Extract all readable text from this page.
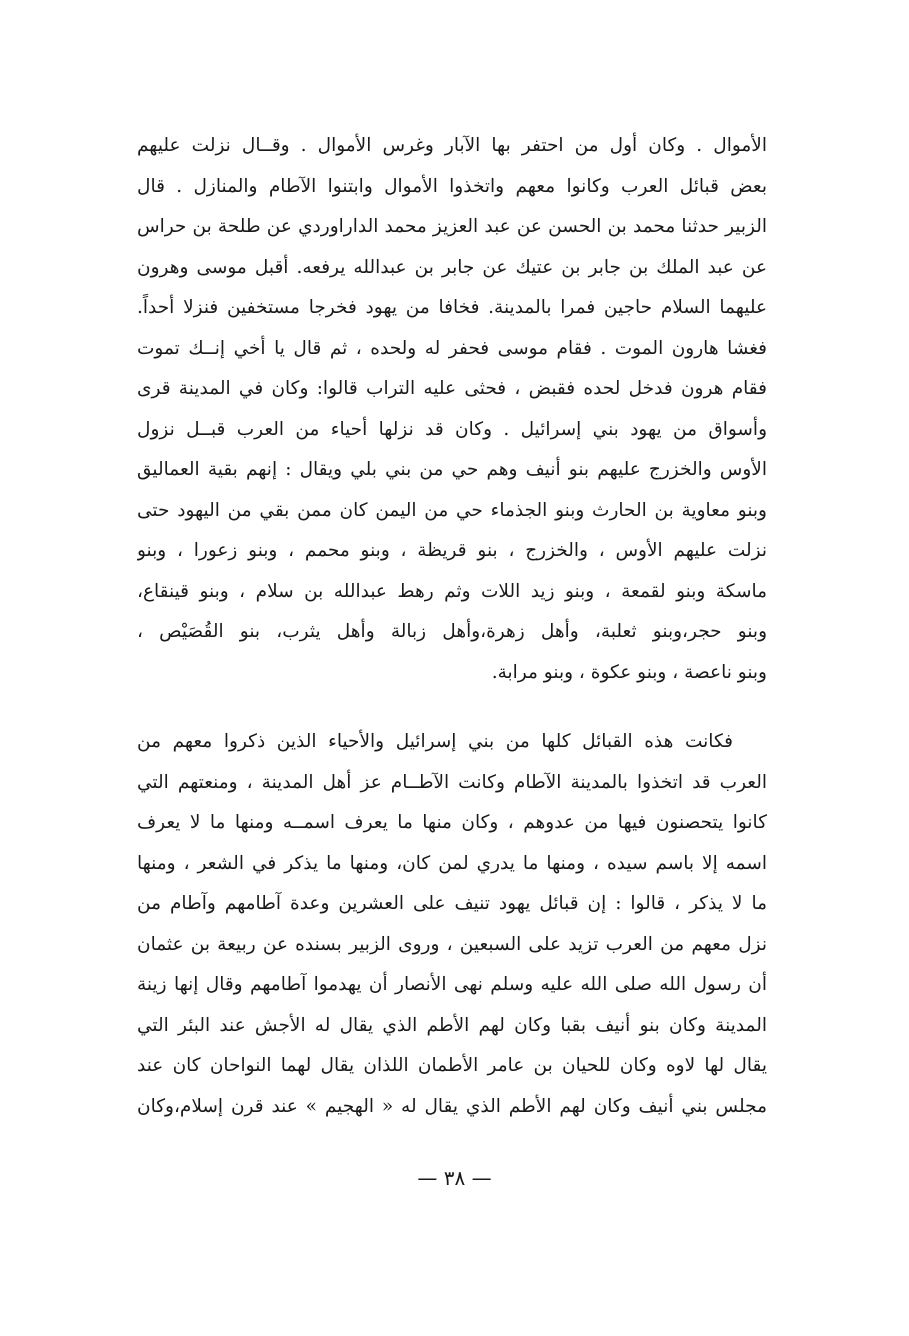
الأموال . وكان أول من احتفر بها الآبار وغرس الأموال . وقــال نزلت عليهم
بعض قبائل العرب وكانوا معهم واتخذوا الأموال وابتنوا الآطام والمنازل . قال
الزبير حدثنا محمد بن الحسن عن عبد العزيز محمد الداراوردي عن طلحة بن حراس
عن عبد الملك بن جابر بن عتيك عن جابر بن عبدالله يرفعه. أقبل موسى وهرون
عليهما السلام حاجين فمرا بالمدينة. فخافا من يهود فخرجا مستخفين فنزلا أحداً.
فغشا هارون الموت . فقام موسى فحفر له ولحده ، ثم قال يا أخي إنــك تموت
فقام هرون فدخل لحده فقبض ، فحثى عليه التراب قالوا: وكان في المدينة قرى
وأسواق من يهود بني إسرائيل . وكان قد نزلها أحياء من العرب قبــل نزول
الأوس والخزرج عليهم بنو أنيف وهم حي من بني بلي ويقال : إنهم بقية العماليق
وبنو معاوية بن الحارث وبنو الجذماء حي من اليمن كان ممن بقي من اليهود حتى
نزلت عليهم الأوس ، والخزرج ، بنو قريظة ، وبنو محمم ، وبنو زعورا ، وبنو
ماسكة وبنو لقمعة ، وبنو زيد اللات وثم رهط عبدالله بن سلام ، وبنو قينقاع،
وبنو حجر،وبنو ثعلبة، وأهل زهرة،وأهل زبالة وأهل يثرب، بنو القُصَيْص ،
وبنو ناعصة ، وبنو عكوة ، وبنو مرابة.
فكانت هذه القبائل كلها من بني إسرائيل والأحياء الذين ذكروا معهم من
العرب قد اتخذوا بالمدينة الآطام وكانت الآطــام عز أهل المدينة ، ومنعتهم التي
كانوا يتحصنون فيها من عدوهم ، وكان منها ما يعرف اسمــه ومنها ما لا يعرف
اسمه إلا باسم سيده ، ومنها ما يدري لمن كان، ومنها ما يذكر في الشعر ، ومنها
ما لا يذكر ، قالوا : إن قبائل يهود تنيف على العشرين وعدة آطامهم وآطام من
نزل معهم من العرب تزيد على السبعين ، وروى الزبير بسنده عن ربيعة بن عثمان
أن رسول الله صلى الله عليه وسلم نهى الأنصار أن يهدموا آطامهم وقال إنها زينة
المدينة وكان بنو أنيف بقبا وكان لهم الأطم الذي يقال له الأجش عند البئر التي
يقال لها لاوه وكان للحيان بن عامر الأطمان اللذان يقال لهما النواحان كان عند
مجلس بني أنيف وكان لهم الأطم الذي يقال له « الهجيم » عند قرن إسلام،وكان
— ٣٨ —
